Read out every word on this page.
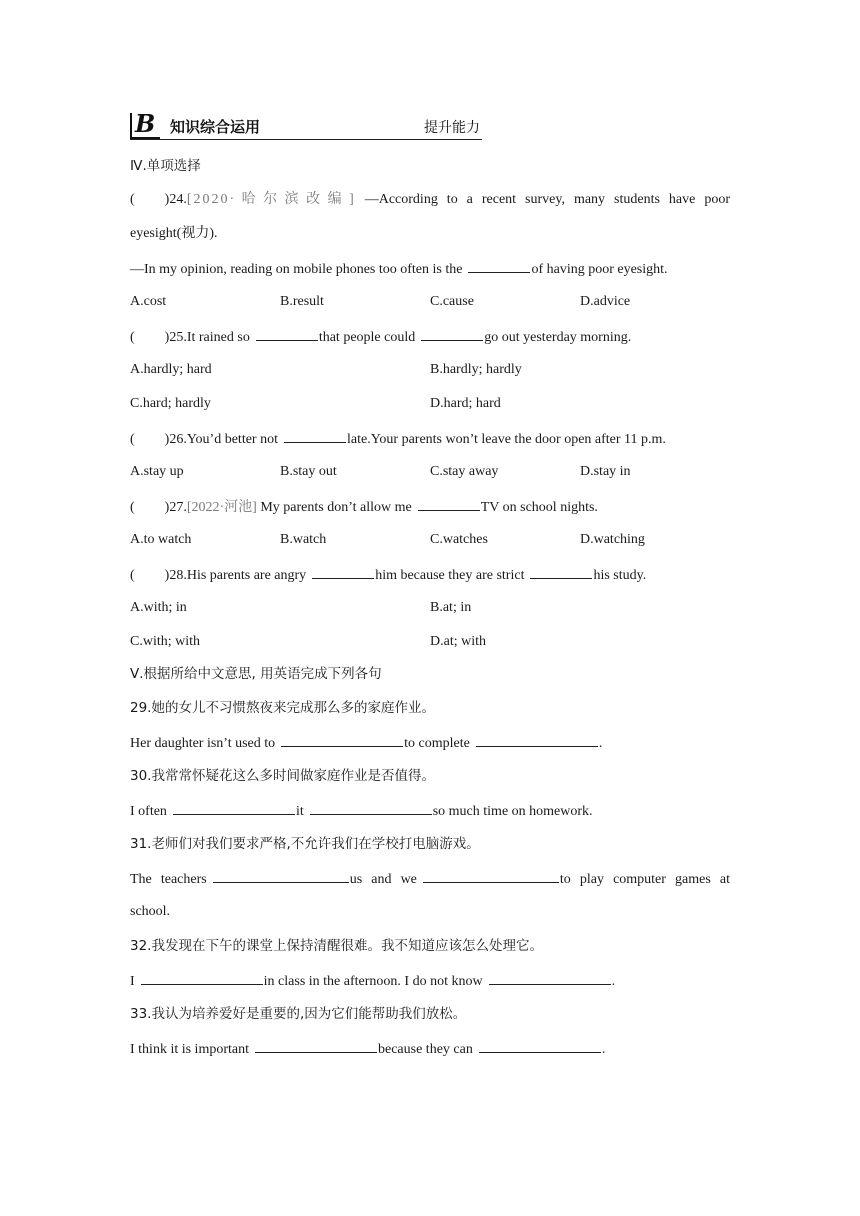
B 知识综合运用	提升能力
Ⅳ.单项选择
( )24.[2020·哈尔滨改编] —According to a recent survey, many students have poor
eyesight(视力).
—In my opinion, reading on mobile phones too often is the	of having poor eyesight.
A.cost	B.result	C.cause	D.advice
( )25.It rained so	that people could	go out yesterday morning.
A.hardly; hard	B.hardly; hardly
C.hard; hardly	D.hard; hard
( )26.You’d better not	late.Your parents won’t leave the door open after 11 p.m.
A.stay up	B.stay out	C.stay away	D.stay in
( )27.[2022·河池] My parents don’t allow me	TV on school nights.
A.to watch	B.watch	C.watches	D.watching
( )28.His parents are angry	him because they are strict	his study.
A.with; in	B.at; in
C.with; with	D.at; with
Ⅴ.根据所给中文意思, 用英语完成下列各句
29.她的女儿不习惯熬夜来完成那么多的家庭作业。
Her daughter isn’t used to	to complete	.
30.我常常怀疑花这么多时间做家庭作业是否值得。
I often	it	so much time on homework.
31.老师们对我们要求严格,不允许我们在学校打电脑游戏。
The teachers	us and we	to play computer games at
school.
32.我发现在下午的课堂上保持清醒很难。我不知道应该怎么处理它。
I	in class in the afternoon. I do not know	.
33.我认为培养爱好是重要的,因为它们能帮助我们放松。
I think it is important	because they can	.
